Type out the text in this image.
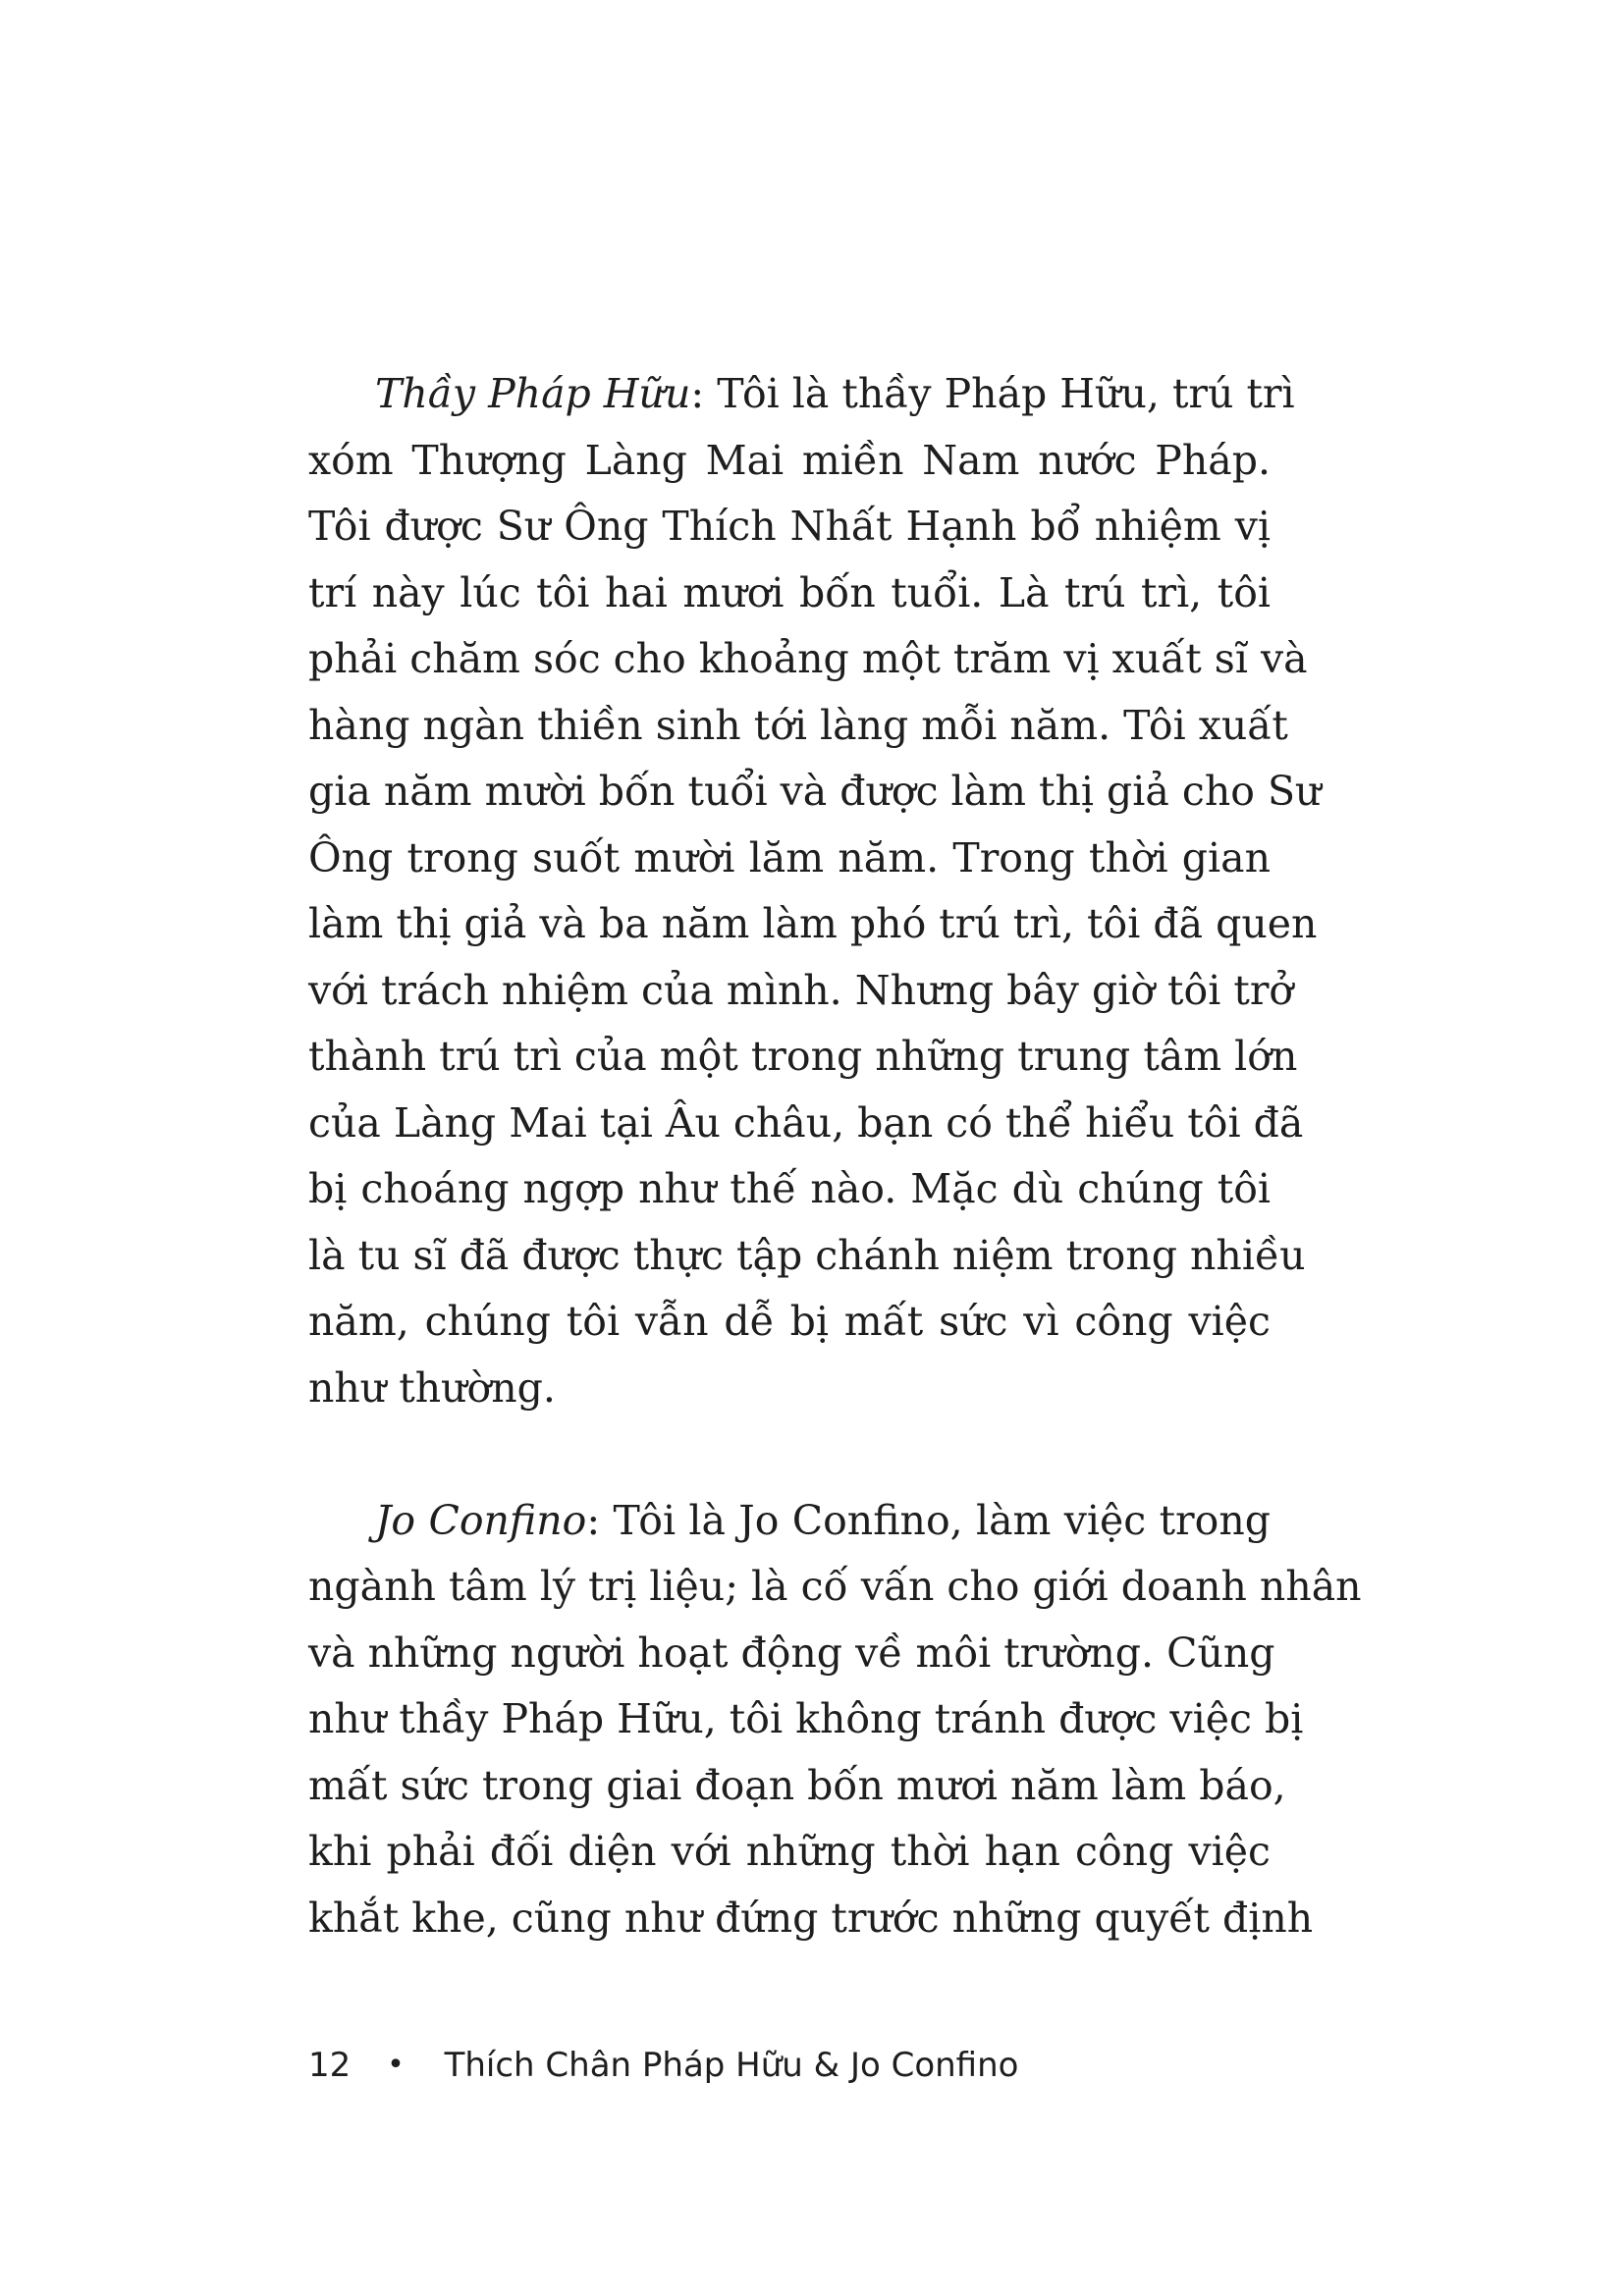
Thầy Pháp Hữu: Tôi là thầy Pháp Hữu, trú trì
xóm Thượng Làng Mai miền Nam nước Pháp.
Tôi được Sư Ông Thích Nhất Hạnh bổ nhiệm vị
trí này lúc tôi hai mươi bốn tuổi. Là trú trì, tôi
phải chăm sóc cho khoảng một trăm vị xuất sĩ và
hàng ngàn thiền sinh tới làng mỗi năm. Tôi xuất
gia năm mười bốn tuổi và được làm thị giả cho Sư
Ông trong suốt mười lăm năm. Trong thời gian
làm thị giả và ba năm làm phó trú trì, tôi đã quen
với trách nhiệm của mình. Nhưng bây giờ tôi trở
thành trú trì của một trong những trung tâm lớn
của Làng Mai tại Âu châu, bạn có thể hiểu tôi đã
bị choáng ngợp như thế nào. Mặc dù chúng tôi
là tu sĩ đã được thực tập chánh niệm trong nhiều
năm, chúng tôi vẫn dễ bị mất sức vì công việc
như thường.
Jo Confino: Tôi là Jo Confino, làm việc trong
ngành tâm lý trị liệu; là cố vấn cho giới doanh nhân
và những người hoạt động về môi trường. Cũng
như thầy Pháp Hữu, tôi không tránh được việc bị
mất sức trong giai đoạn bốn mươi năm làm báo,
khi phải đối diện với những thời hạn công việc
khắt khe, cũng như đứng trước những quyết định
12 • Thích Chân Pháp Hữu & Jo Confino
